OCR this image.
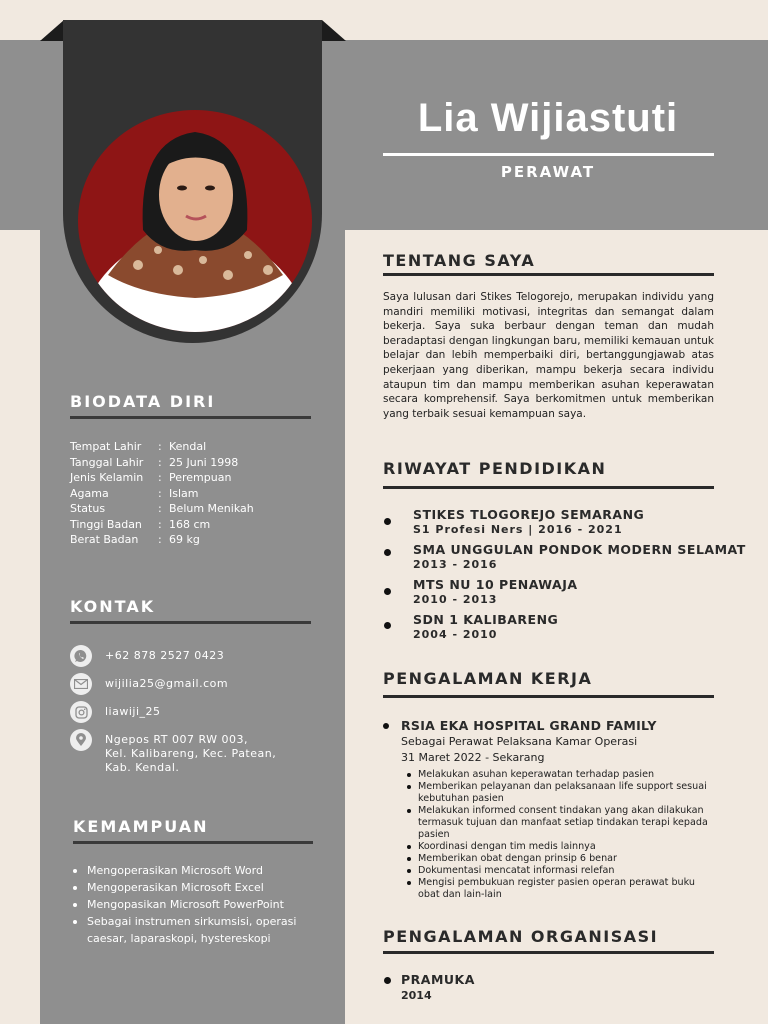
Lia Wijiastuti
PERAWAT
BIODATA DIRI
Tempat Lahir	: Kendal
Tanggal Lahir	: 25 Juni 1998
Jenis Kelamin	: Perempuan
Agama	: Islam
Status	: Belum Menikah
Tinggi Badan	: 168 cm
Berat Badan	: 69 kg
KONTAK
+62 878 2527 0423
wijilia25@gmail.com
liawiji_25
Ngepos RT 007 RW 003,
Kel. Kalibareng, Kec. Patean,
Kab. Kendal.
KEMAMPUAN
Mengoperasikan Microsoft Word
Mengoperasikan Microsoft Excel
Mengopasikan Microsoft PowerPoint
Sebagai instrumen sirkumsisi, operasi caesar, laparaskopi, hystereskopi
TENTANG SAYA
Saya lulusan dari Stikes Telogorejo, merupakan individu yang mandiri memiliki motivasi, integritas dan semangat dalam bekerja. Saya suka berbaur dengan teman dan mudah beradaptasi dengan lingkungan baru, memiliki kemauan untuk belajar dan lebih memperbaiki diri, bertanggungjawab atas pekerjaan yang diberikan, mampu bekerja secara individu ataupun tim dan mampu memberikan asuhan keperawatan secara komprehensif. Saya berkomitmen untuk memberikan yang terbaik sesuai kemampuan saya.
RIWAYAT PENDIDIKAN
STIKES TLOGOREJO SEMARANG
S1 Profesi Ners | 2016 - 2021
SMA UNGGULAN PONDOK MODERN SELAMAT
2013 - 2016
MTS NU 10 PENAWAJA
2010 - 2013
SDN 1 KALIBARENG
2004 - 2010
PENGALAMAN KERJA
RSIA EKA HOSPITAL GRAND FAMILY
Sebagai Perawat Pelaksana Kamar Operasi
31 Maret 2022 - Sekarang
Melakukan asuhan keperawatan terhadap pasien
Memberikan pelayanan dan pelaksanaan life support sesuai kebutuhan pasien
Melakukan informed consent tindakan yang akan dilakukan termasuk tujuan dan manfaat setiap tindakan terapi kepada pasien
Koordinasi dengan tim medis lainnya
Memberikan obat dengan prinsip 6 benar
Dokumentasi mencatat informasi relefan
Mengisi pembukuan register pasien operan perawat buku obat dan lain-lain
PENGALAMAN ORGANISASI
PRAMUKA
2014
